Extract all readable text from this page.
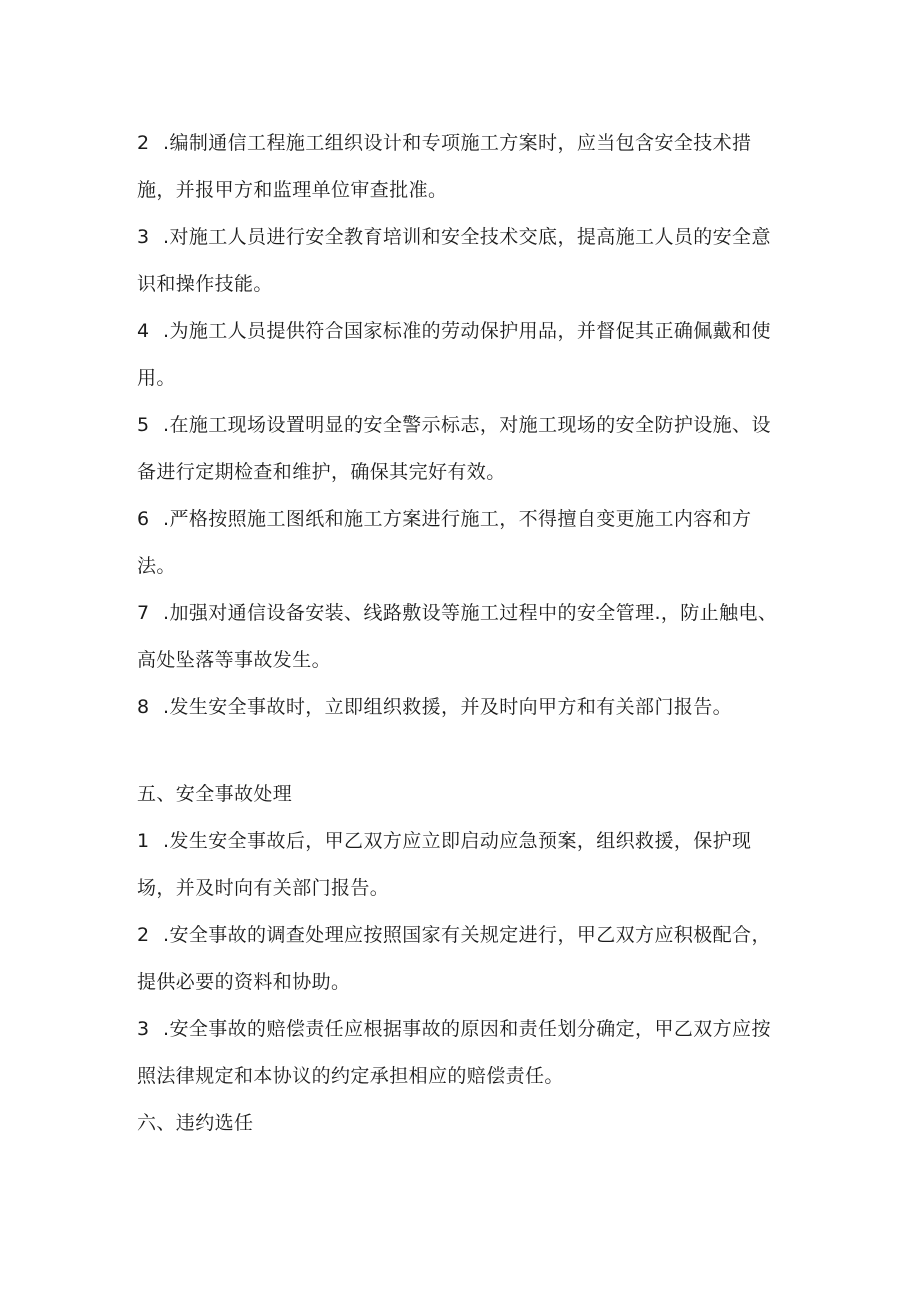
2 .编制通信工程施工组织设计和专项施工方案时，应当包含安全技术措施，并报甲方和监理单位审查批准。

3 .对施工人员进行安全教育培训和安全技术交底，提高施工人员的安全意识和操作技能。

4 .为施工人员提供符合国家标准的劳动保护用品，并督促其正确佩戴和使用。

5 .在施工现场设置明显的安全警示标志，对施工现场的安全防护设施、设备进行定期检查和维护，确保其完好有效。

6 .严格按照施工图纸和施工方案进行施工，不得擅自变更施工内容和方法。

7 .加强对通信设备安装、线路敷设等施工过程中的安全管理.，防止触电、高处坠落等事故发生。

8 .发生安全事故时，立即组织救援，并及时向甲方和有关部门报告。

五、安全事故处理

1 .发生安全事故后，甲乙双方应立即启动应急预案，组织救援，保护现场，并及时向有关部门报告。

2 .安全事故的调查处理应按照国家有关规定进行，甲乙双方应积极配合，提供必要的资料和协助。

3 .安全事故的赔偿责任应根据事故的原因和责任划分确定，甲乙双方应按照法律规定和本协议的约定承担相应的赔偿责任。

六、违约选任
